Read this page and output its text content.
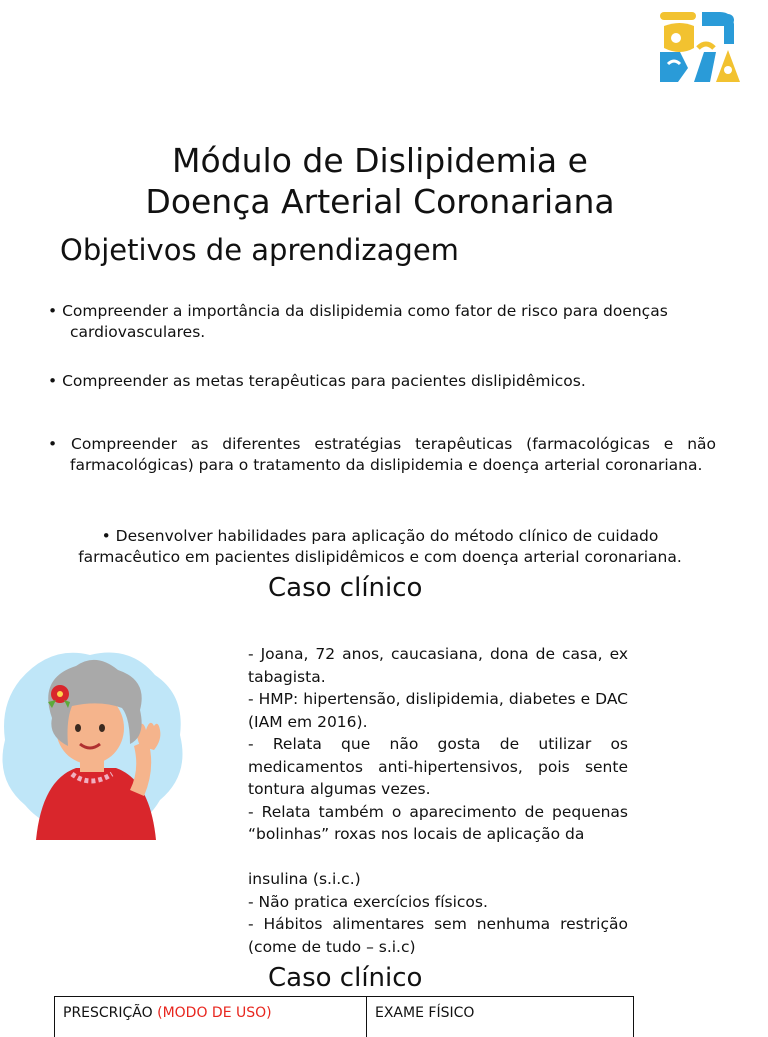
Módulo de Dislipidemia e
Doença Arterial Coronariana
Objetivos de aprendizagem
• Compreender a importância da dislipidemia como fator de risco para doenças cardiovasculares.
• Compreender as metas terapêuticas para pacientes dislipidêmicos.
• Compreender as diferentes estratégias terapêuticas (farmacológicas e não farmacológicas) para o tratamento da dislipidemia e doença arterial coronariana.
• Desenvolver habilidades para aplicação do método clínico de cuidado farmacêutico em pacientes dislipidêmicos e com doença arterial coronariana.
Caso clínico
- Joana, 72 anos, caucasiana, dona de casa, ex tabagista.
- HMP: hipertensão, dislipidemia, diabetes e DAC (IAM em 2016).
- Relata que não gosta de utilizar os medicamentos anti-hipertensivos, pois sente tontura algumas vezes.
- Relata também o aparecimento de pequenas “bolinhas” roxas nos locais de aplicação da
insulina (s.i.c.)
- Não pratica exercícios físicos.
- Hábitos alimentares sem nenhuma restrição (come de tudo – s.i.c)
Caso clínico
PRESCRIÇÃO (MODO DE USO)	EXAME FÍSICO
